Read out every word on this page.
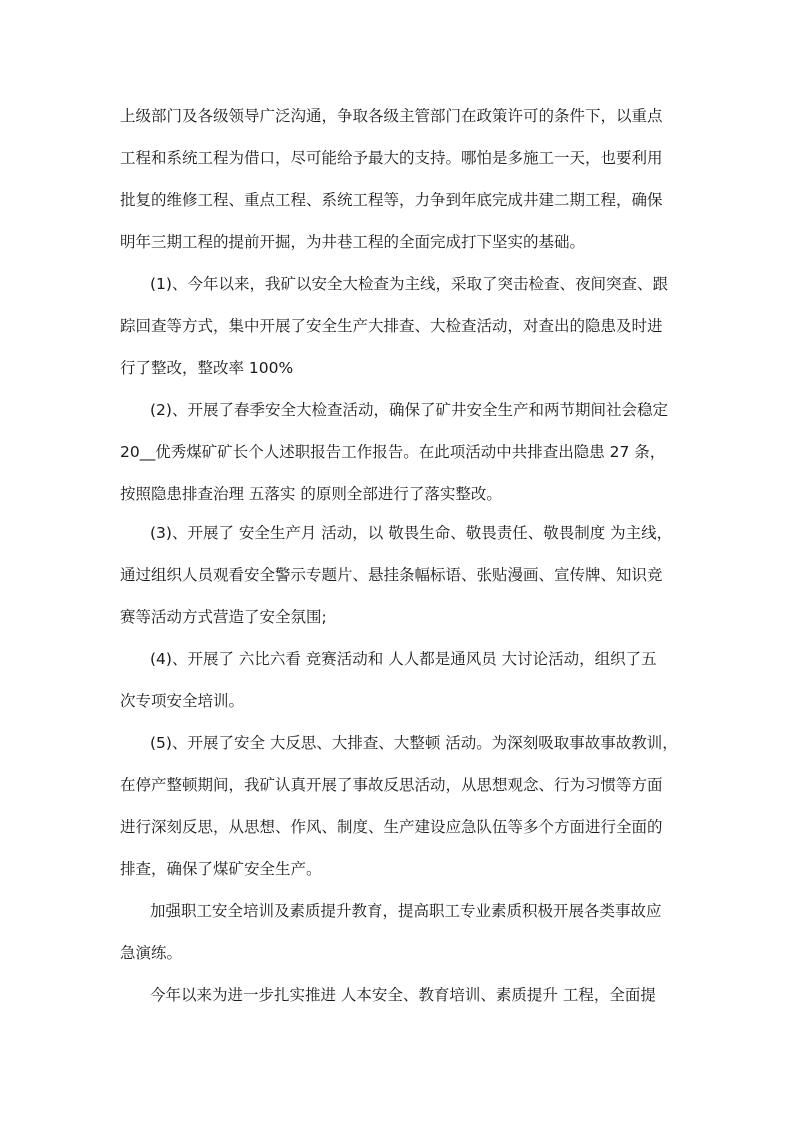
上级部门及各级领导广泛沟通，争取各级主管部门在政策许可的条件下，以重点
工程和系统工程为借口，尽可能给予最大的支持。哪怕是多施工一天，也要利用
批复的维修工程、重点工程、系统工程等，力争到年底完成井建二期工程，确保
明年三期工程的提前开掘，为井巷工程的全面完成打下坚实的基础。
(1)、今年以来，我矿以安全大检查为主线，采取了突击检查、夜间突查、跟
踪回查等方式，集中开展了安全生产大排查、大检查活动，对查出的隐患及时进
行了整改，整改率 100%
(2)、开展了春季安全大检查活动，确保了矿井安全生产和两节期间社会稳定
20__优秀煤矿矿长个人述职报告工作报告。在此项活动中共排查出隐患 27 条，
按照隐患排查治理 五落实 的原则全部进行了落实整改。
(3)、开展了 安全生产月 活动，以 敬畏生命、敬畏责任、敬畏制度 为主线，
通过组织人员观看安全警示专题片、悬挂条幅标语、张贴漫画、宣传牌、知识竞
赛等活动方式营造了安全氛围;
(4)、开展了 六比六看 竞赛活动和 人人都是通风员 大讨论活动，组织了五
次专项安全培训。
(5)、开展了安全 大反思、大排查、大整顿 活动。为深刻吸取事故事故教训，
在停产整顿期间，我矿认真开展了事故反思活动，从思想观念、行为习惯等方面
进行深刻反思，从思想、作风、制度、生产建设应急队伍等多个方面进行全面的
排查，确保了煤矿安全生产。
加强职工安全培训及素质提升教育，提高职工专业素质积极开展各类事故应
急演练。
今年以来为进一步扎实推进 人本安全、教育培训、素质提升 工程，全面提
